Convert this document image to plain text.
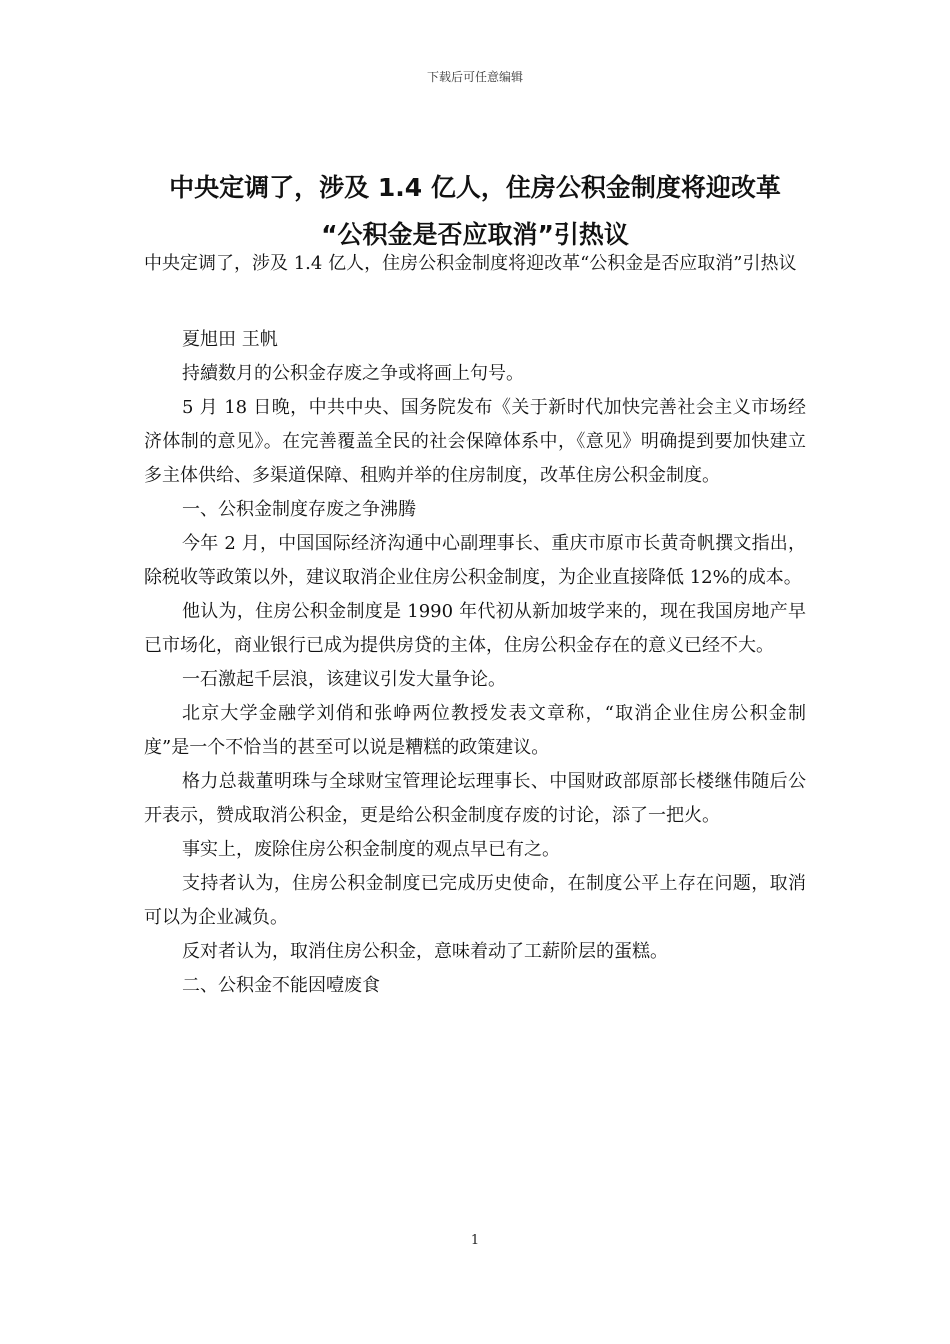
下载后可任意编辑
中央定调了，涉及 1.4 亿人，住房公积金制度将迎改革
“公积金是否应取消”引热议

中央定调了，涉及 1.4 亿人，住房公积金制度将迎改革“公积金是否应取消”引热议

夏旭田 王帆

持續数月的公积金存废之争或将画上句号。

5 月 18 日晚，中共中央、国务院发布《关于新时代加快完善社会主义市场经济体制的意见》。在完善覆盖全民的社会保障体系中，《意见》明确提到要加快建立多主体供给、多渠道保障、租购并举的住房制度，改革住房公积金制度。

一、公积金制度存废之争沸腾

今年 2 月，中国国际经济沟通中心副理事长、重庆市原市长黄奇帆撰文指出，除税收等政策以外，建议取消企业住房公积金制度，为企业直接降低 12%的成本。

他认为，住房公积金制度是 1990 年代初从新加坡学来的，现在我国房地产早已市场化，商业银行已成为提供房贷的主体，住房公积金存在的意义已经不大。

一石激起千层浪，该建议引发大量争论。

北京大学金融学刘俏和张峥两位教授发表文章称，“取消企业住房公积金制度”是一个不恰当的甚至可以说是糟糕的政策建议。

格力总裁董明珠与全球财宝管理论坛理事长、中国财政部原部长楼继伟随后公开表示，赞成取消公积金，更是给公积金制度存废的讨论，添了一把火。

事实上，废除住房公积金制度的观点早已有之。

支持者认为，住房公积金制度已完成历史使命，在制度公平上存在问题，取消可以为企业减负。

反对者认为，取消住房公积金，意味着动了工薪阶层的蛋糕。

二、公积金不能因噎废食

1
